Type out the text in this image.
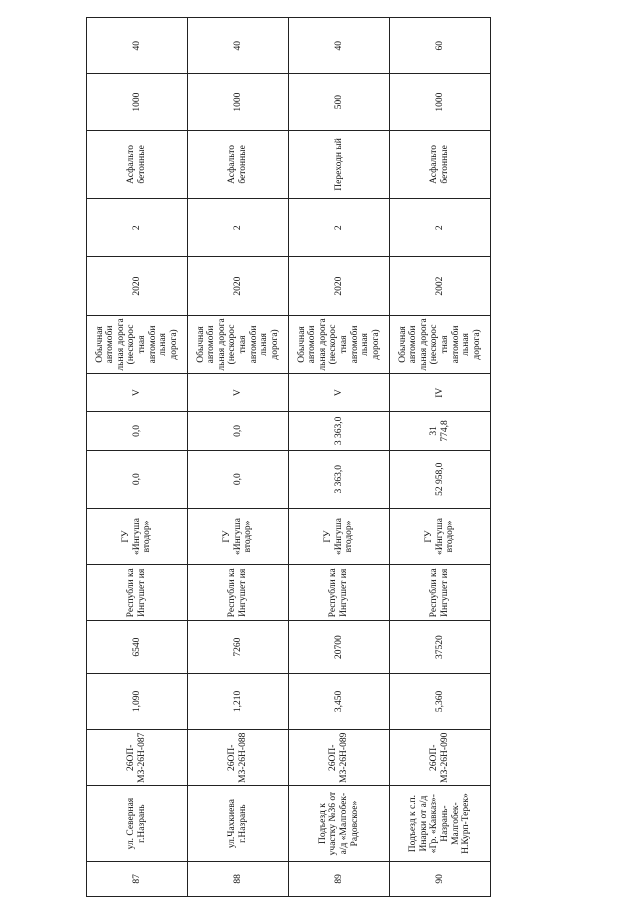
87	ул. Северная г.Назрань	26ОП-МЗ-26Н-087	1,090	6540	Республи ка Ингушет ия	ГУ «Ингуша втодор»	0,0	0,0	V	Обычная автомоби льная дорога (нескорос тная автомоби льная дорога)	2020	2	Асфальто бетонные	1000	40

88	ул.Чахкиева г.Назрань	26ОП-МЗ-26Н-088	1,210	7260	Республи ка Ингушет ия	ГУ «Ингуша втодор»	0,0	0,0	V	Обычная автомоби льная дорога (нескорос тная автомоби льная дорога)	2020	2	Асфальто бетонные	1000	40

89	Подъезд к участку №36 от а/д «Малгобек-Радовское»	26ОП-МЗ-26Н-089	3,450	20700	Республи ка Ингушет ия	ГУ «Ингуша втодор»	3 363,0	3 363,0	V	Обычная автомоби льная дорога (нескорос тная автомоби льная дорога)	2020	2	Переходн ый	500	40

90	Подъезд к с.п. Инарки от а/д «Гр. «Кавказ»-Назрань-Малгобек-Н.Курп-Терек»	26ОП-МЗ-26Н-090	5,360	37520	Республи ка Ингушет ия	ГУ «Ингуша втодор»	52 958,0	31 774,8	IV	Обычная автомоби льная дорога (нескорос тная автомоби льная дорога)	2002	2	Асфальто бетонные	1000	60
